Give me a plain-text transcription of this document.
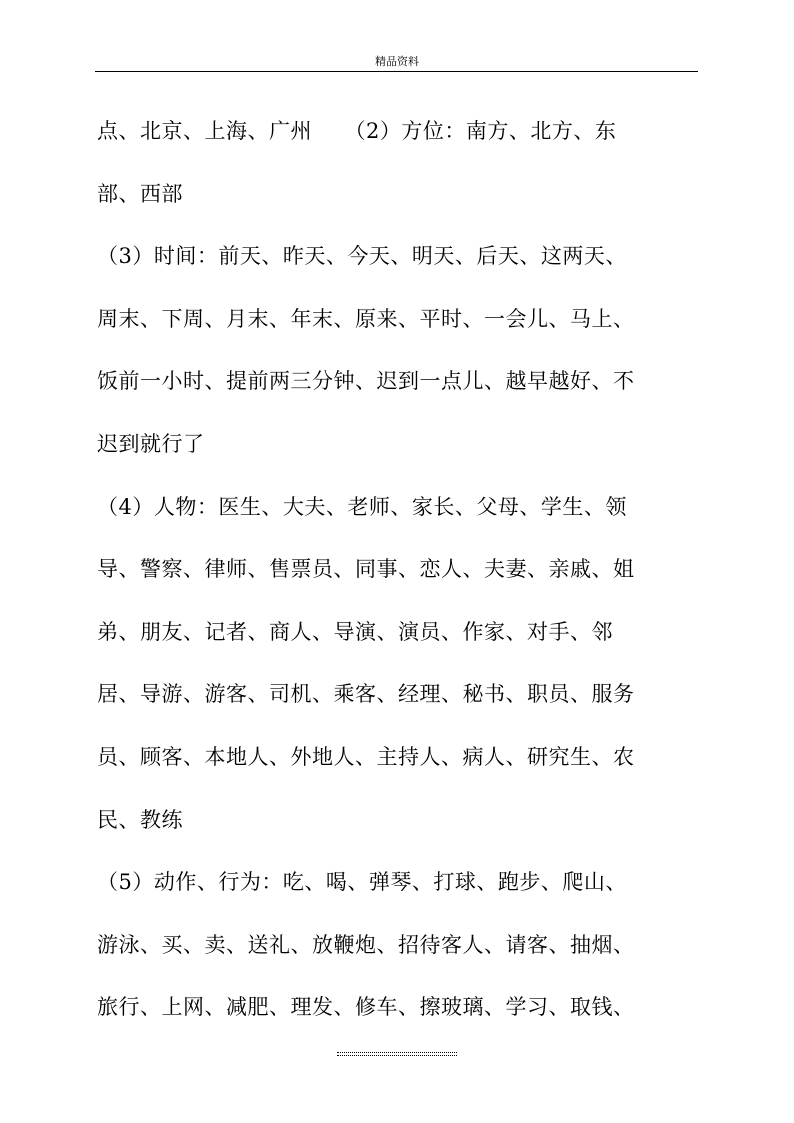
精品资料
点、北京、上海、广州　　（2）方位：南方、北方、东
部、西部
（3）时间：前天、昨天、今天、明天、后天、这两天、
周末、下周、月末、年末、原来、平时、一会儿、马上、
饭前一小时、提前两三分钟、迟到一点儿、越早越好、不
迟到就行了
（4）人物：医生、大夫、老师、家长、父母、学生、领
导、警察、律师、售票员、同事、恋人、夫妻、亲戚、姐
弟、朋友、记者、商人、导演、演员、作家、对手、邻
居、导游、游客、司机、乘客、经理、秘书、职员、服务
员、顾客、本地人、外地人、主持人、病人、研究生、农
民、教练
（5）动作、行为：吃、喝、弹琴、打球、跑步、爬山、
游泳、买、卖、送礼、放鞭炮、招待客人、请客、抽烟、
旅行、上网、减肥、理发、修车、擦玻璃、学习、取钱、
